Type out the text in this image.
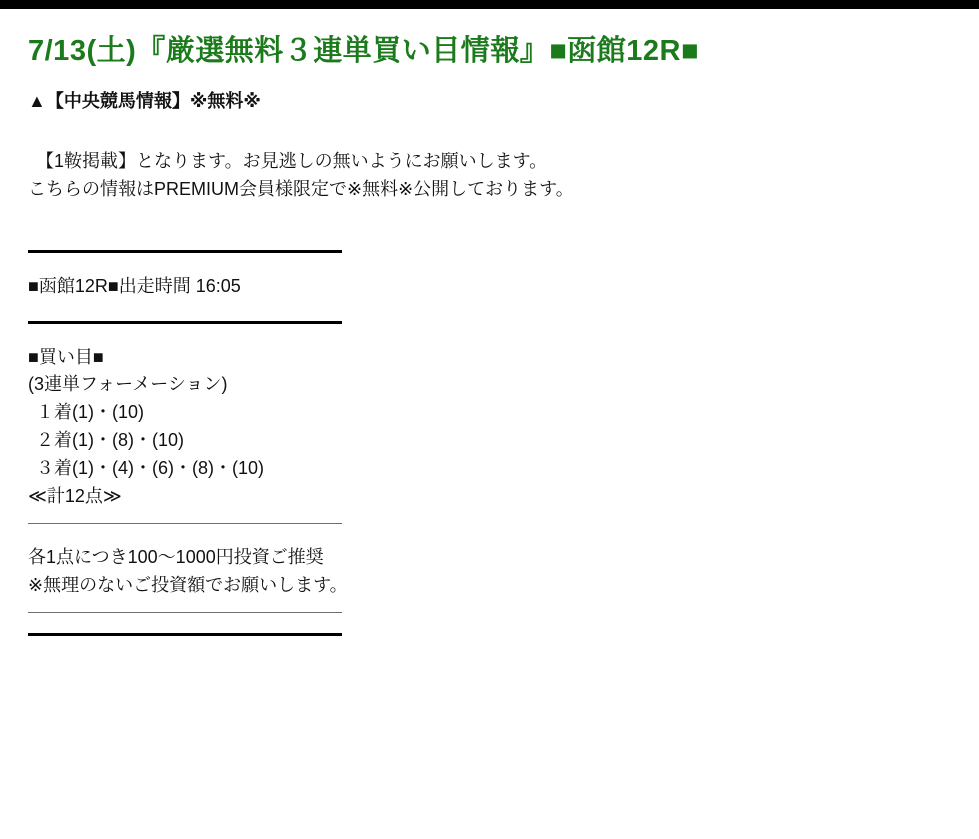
7/13(土)『厳選無料３連単買い目情報』■函館12R■

▲【中央競馬情報】※無料※

【1鞍掲載】となります。お見逃しの無いようにお願いします。

こちらの情報はPREMIUM会員様限定で※無料※公開しております。

■函館12R■出走時間 16:05

■買い目■

(3連単フォーメーション)

１着(1)・(10)

２着(1)・(8)・(10)

３着(1)・(4)・(6)・(8)・(10)

≪計12点≫

各1点につき100〜1000円投資ご推奨

※無理のないご投資額でお願いします。
